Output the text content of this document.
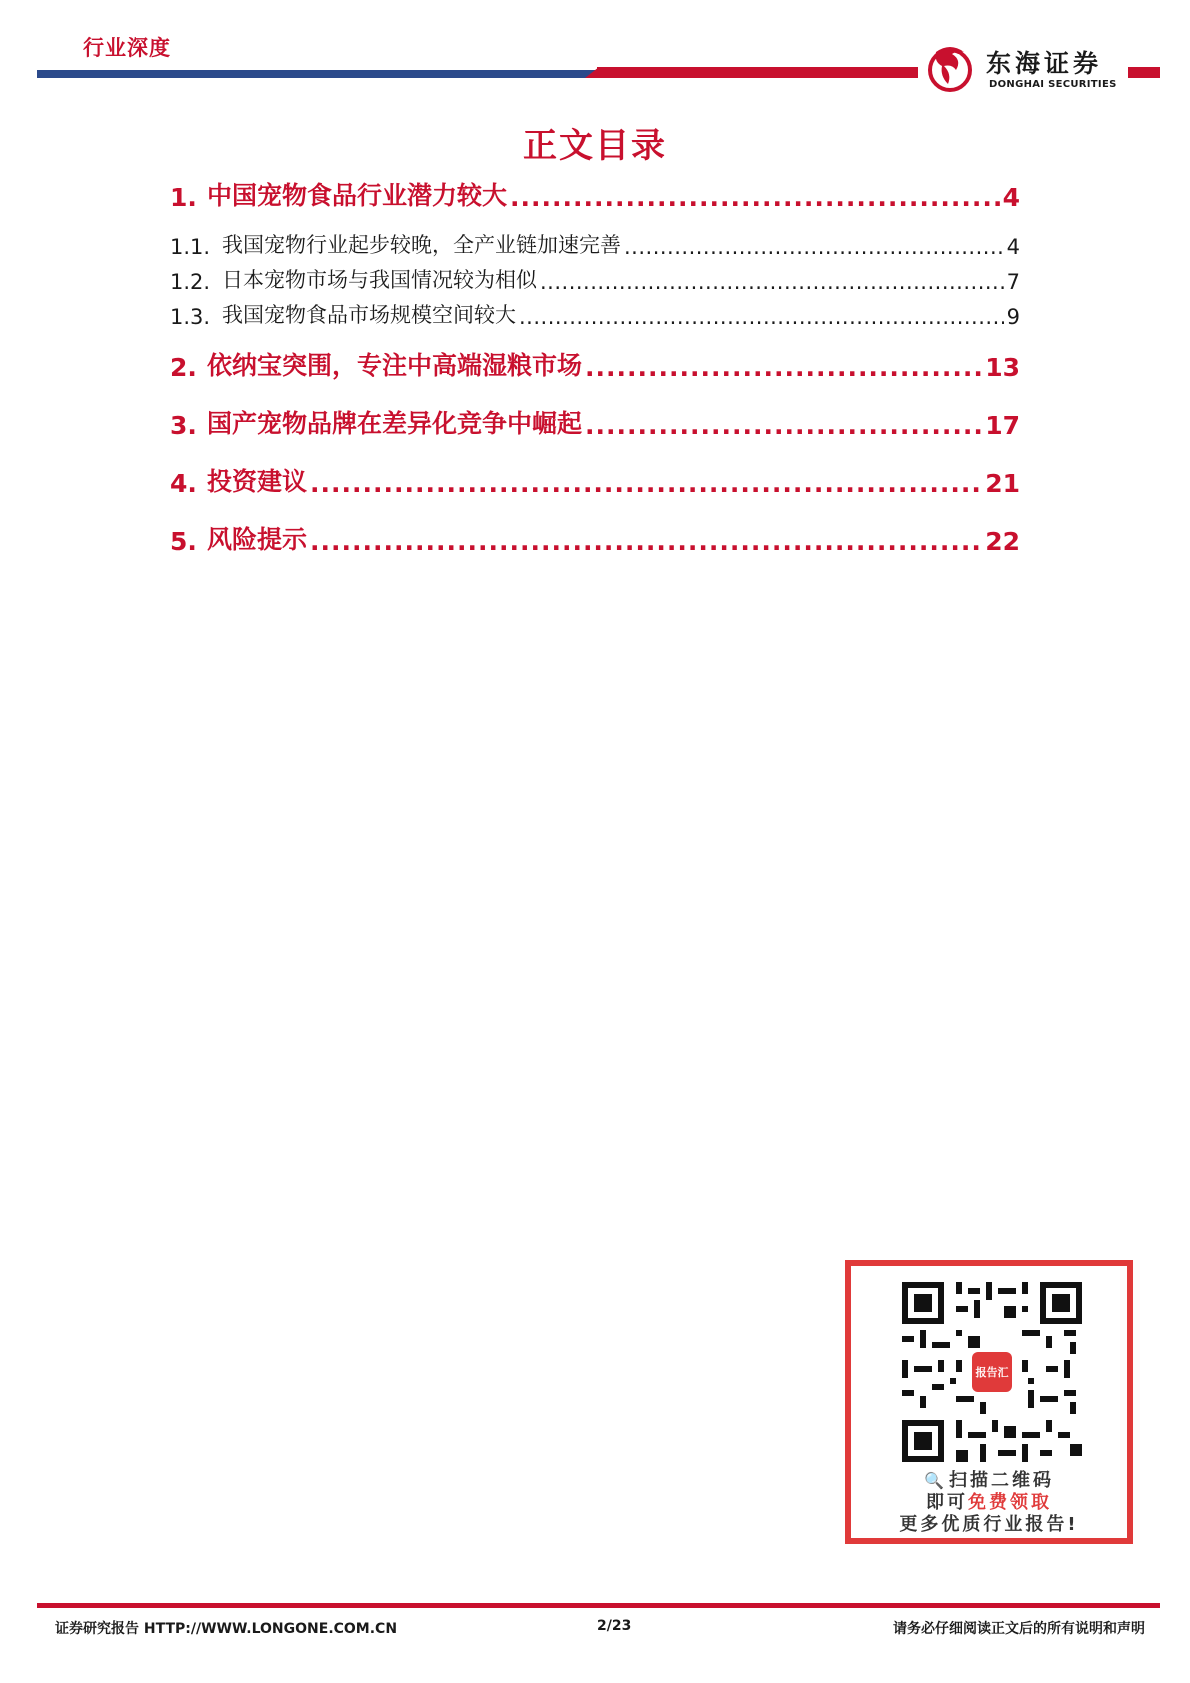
行业深度
东海证券
DONGHAI SECURITIES
正文目录
1. 中国宠物食品行业潜力较大 .....	4
1.1. 我国宠物行业起步较晚，全产业链加速完善 .....	4
1.2. 日本宠物市场与我国情况较为相似 .....	7
1.3. 我国宠物食品市场规模空间较大 .....	9
2. 依纳宝突围，专注中高端湿粮市场 .....	13
3. 国产宠物品牌在差异化竞争中崛起 .....	17
4. 投资建议 .....	21
5. 风险提示 .....	22
报告汇
🔍 扫描二维码
即可免费领取
更多优质行业报告!
证券研究报告 HTTP://WWW.LONGONE.COM.CN	2/23	请务必仔细阅读正文后的所有说明和声明
